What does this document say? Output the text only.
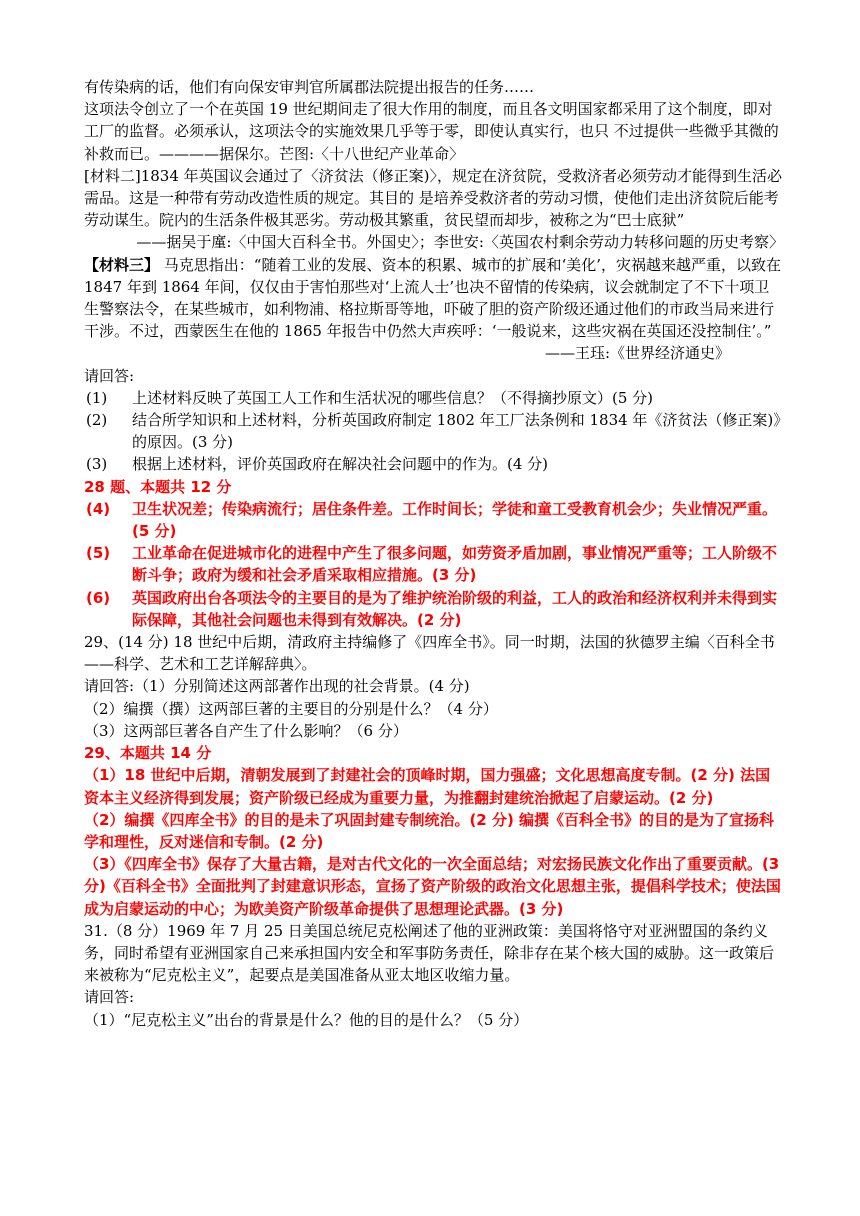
有传染病的话，他们有向保安审判官所属郡法院提出报告的任务……

这项法令创立了一个在英国 19 世纪期间走了很大作用的制度，而且各文明国家都采用了这个制度，即对工厂的监督。必须承认，这项法令的实施效果几乎等于零，即使认真实行，也只 不过提供一些微乎其微的补救而已。————据保尔。芒图:〈十八世纪产业革命〉

[材料二]1834 年英国议会通过了〈济贫法（修正案)〉，规定在济贫院，受救济者必须劳动才能得到生活必需品。这是一种带有劳动改造性质的规定。其目的 是培养受救济者的劳动习惯，使他们走出济贫院后能考劳动谋生。院内的生活条件极其恶劣。劳动极其繁重，贫民望而却步，被称之为“巴士底狱”

——据吴于廑:〈中国大百科全书。外国史〉；李世安:〈英国农村剩余劳动力转移问题的历史考察〉

【材料三】 马克思指出：“随着工业的发展、资本的积累、城市的扩展和‘美化’，灾祸越来越严重，以致在 1847 年到 1864 年间，仅仅由于害怕那些对‘上流人士’也决不留情的传染病，议会就制定了不下十项卫生警察法令，在某些城市，如利物浦、格拉斯哥等地，吓破了胆的资产阶级还通过他们的市政当局来进行干涉。不过，西蒙医生在他的 1865 年报告中仍然大声疾呼：‘一般说来，这些灾祸在英国还没控制住’。”

——王珏:《世界经济通史》

请回答:

(1)	上述材料反映了英国工人工作和生活状况的哪些信息？（不得摘抄原文）(5 分)
(2)	结合所学知识和上述材料，分析英国政府制定 1802 年工厂法条例和 1834 年《济贫法（修正案)》的原因。(3 分)
(3)	根据上述材料，评价英国政府在解决社会问题中的作为。(4 分)

28 题、本题共 12 分

(4)	卫生状况差；传染病流行；居住条件差。工作时间长；学徒和童工受教育机会少；失业情况严重。(5 分)
(5)	工业革命在促进城市化的进程中产生了很多问题，如劳资矛盾加剧，事业情况严重等；工人阶级不断斗争；政府为缓和社会矛盾采取相应措施。(3 分)
(6)	英国政府出台各项法令的主要目的是为了维护统治阶级的利益，工人的政治和经济权利并未得到实际保障，其他社会问题也未得到有效解决。(2 分)

29、(14 分) 18 世纪中后期，清政府主持编修了《四库全书》。同一时期，法国的狄德罗主编〈百科全书——科学、艺术和工艺详解辞典〉。

请回答:（1）分别简述这两部著作出现的社会背景。(4 分)

（2）编撰（撰）这两部巨著的主要目的分别是什么？（4 分）

（3）这两部巨著各自产生了什么影响？（6 分）

29、本题共 14 分

（1）18 世纪中后期，清朝发展到了封建社会的顶峰时期，国力强盛；文化思想高度专制。(2 分) 法国资本主义经济得到发展；资产阶级已经成为重要力量，为推翻封建统治掀起了启蒙运动。(2 分)

（2）编撰《四库全书》的目的是未了巩固封建专制统治。(2 分) 编撰《百科全书》的目的是为了宣扬科学和理性，反对迷信和专制。(2 分)

（3）《四库全书》保存了大量古籍，是对古代文化的一次全面总结；对宏扬民族文化作出了重要贡献。(3 分)《百科全书》全面批判了封建意识形态，宣扬了资产阶级的政治文化思想主张，提倡科学技术；使法国成为启蒙运动的中心；为欧美资产阶级革命提供了思想理论武器。(3 分)

31.（8 分）1969 年 7 月 25 日美国总统尼克松阐述了他的亚洲政策：美国将恪守对亚洲盟国的条约义务，同时希望有亚洲国家自己来承担国内安全和军事防务责任，除非存在某个核大国的威胁。这一政策后来被称为“尼克松主义”，起要点是美国准备从亚太地区收缩力量。

请回答:

（1）“尼克松主义”出台的背景是什么？他的目的是什么？（5 分）
